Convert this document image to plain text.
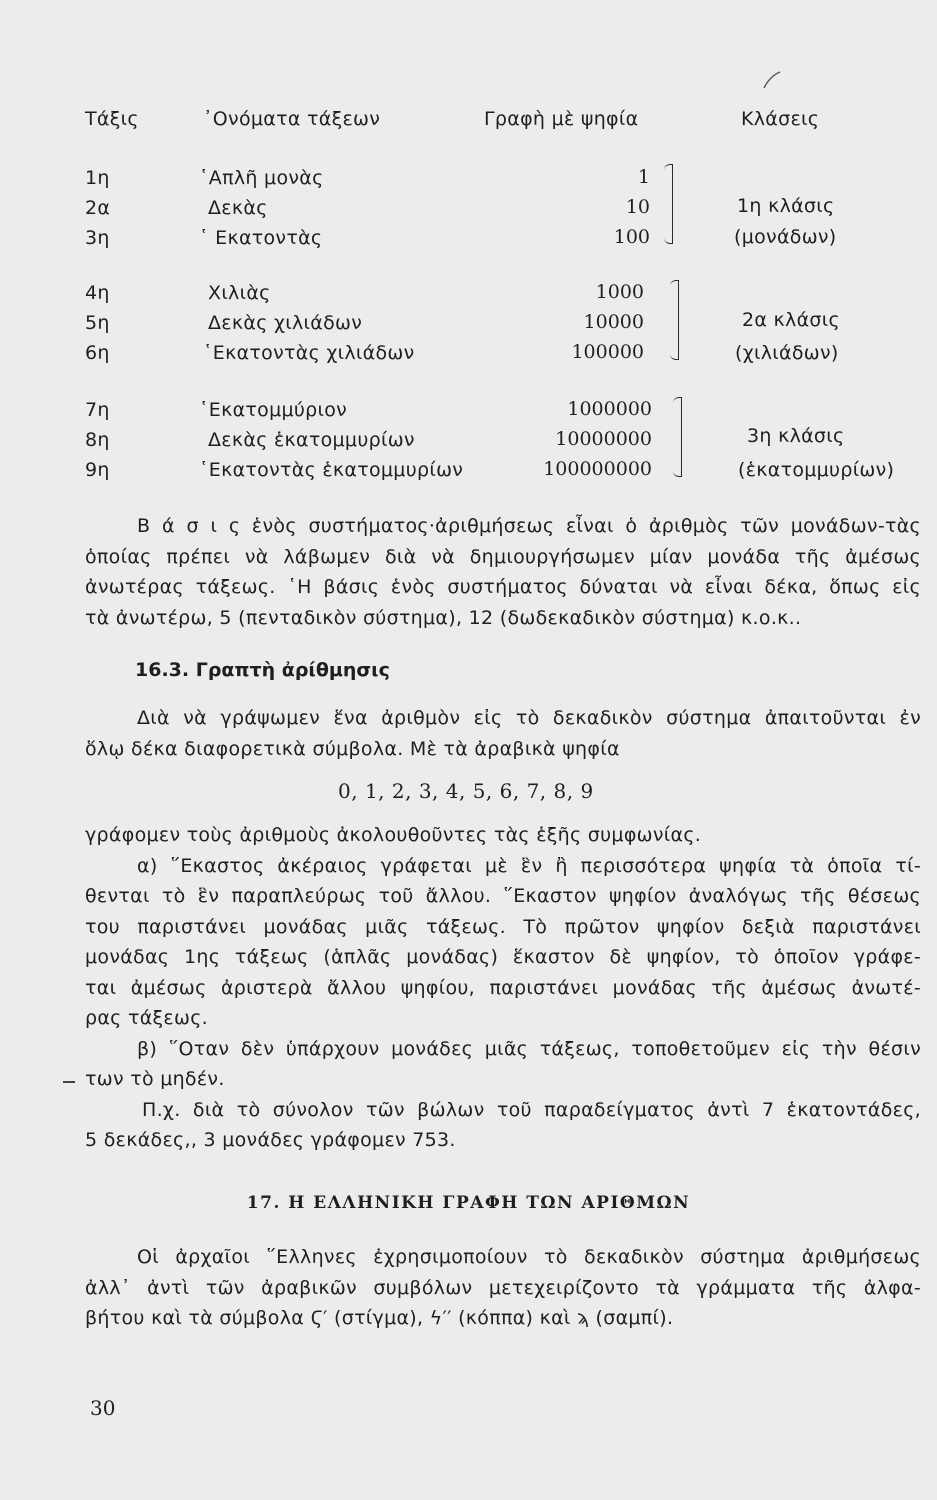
Τάξις	᾿Ονόματα τάξεων	Γραφὴ μὲ ψηφία	Κλάσεις
1η	῾Απλῆ μονὰς	1
2α	Δεκὰς	10
3η	῾ Εκατοντὰς	100
1η κλάσις
(μονάδων)
4η	Χιλιὰς	1000
5η	Δεκὰς χιλιάδων	10000
6η	῾Εκατοντὰς χιλιάδων	100000
2α κλάσις
(χιλιάδων)
7η	῾Εκατομμύριον	1000000
8η	Δεκὰς ἑκατομμυρίων	10000000
9η	῾Εκατοντὰς ἑκατομμυρίων	100000000
3η κλάσις
(ἑκατομμυρίων)
Β ά σ ι ς ἑνὸς συστήματος·ἀριθμήσεως εἶναι ὁ ἀριθμὸς τῶν μονάδων-τὰς
ὁποίας πρέπει νὰ λάβωμεν διὰ νὰ δημιουργήσωμεν μίαν μονάδα τῆς ἀμέσως
ἀνωτέρας τάξεως. ῾Η βάσις ἑνὸς συστήματος δύναται νὰ εἶναι δέκα, ὅπως εἰς
τὰ ἀνωτέρω, 5 (πενταδικὸν σύστημα), 12 (δωδεκαδικὸν σύστημα) κ.ο.κ..
16.3. Γραπτὴ ἀρίθμησις
Διὰ νὰ γράψωμεν ἕνα ἀριθμὸν εἰς τὸ δεκαδικὸν σύστημα ἀπαιτοῦνται ἐν
ὅλῳ δέκα διαφορετικὰ σύμβολα. Μὲ τὰ ἀραβικὰ ψηφία
0, 1, 2, 3, 4, 5, 6, 7, 8, 9
γράφομεν τοὺς ἀριθμοὺς ἀκολουθοῦντες τὰς ἑξῆς συμφωνίας.
α) ῞Εκαστος ἀκέραιος γράφεται μὲ ἓν ἢ περισσότερα ψηφία τὰ ὁποῖα τί-
θενται τὸ ἓν παραπλεύρως τοῦ ἄλλου. ῞Εκαστον ψηφίον ἀναλόγως τῆς θέσεως
του παριστάνει μονάδας μιᾶς τάξεως. Τὸ πρῶτον ψηφίον δεξιὰ παριστάνει
μονάδας 1ης τάξεως (ἁπλᾶς μονάδας) ἕκαστον δὲ ψηφίον, τὸ ὁποῖον γράφε-
ται ἀμέσως ἀριστερὰ ἄλλου ψηφίου, παριστάνει μονάδας τῆς ἀμέσως ἀνωτέ-
ρας τάξεως.
β) ῞Οταν δὲν ὑπάρχουν μονάδες μιᾶς τάξεως, τοποθετοῦμεν εἰς τὴν θέσιν
των τὸ μηδέν.
Π.χ. διὰ τὸ σύνολον τῶν βώλων τοῦ παραδείγματος ἀντὶ 7 ἑκατοντάδες,
5 δεκάδες,, 3 μονάδες γράφομεν 753.
17. Η ΕΛΛΗΝΙΚΗ ΓΡΑΦΗ ΤΩΝ ΑΡΙΘΜΩΝ
Οἱ ἀρχαῖοι ῞Ελληνες ἐχρησιμοποίουν τὸ δεκαδικὸν σύστημα ἀριθμήσεως
ἀλλ᾿ ἀντὶ τῶν ἀραβικῶν συμβόλων μετεχειρίζοντο τὰ γράμματα τῆς ἀλφα-
βήτου καὶ τὰ σύμβολα Ϛ′ (στίγμα), ϟ′′ (κόππα) καὶ ϡ (σαμπί).
30
